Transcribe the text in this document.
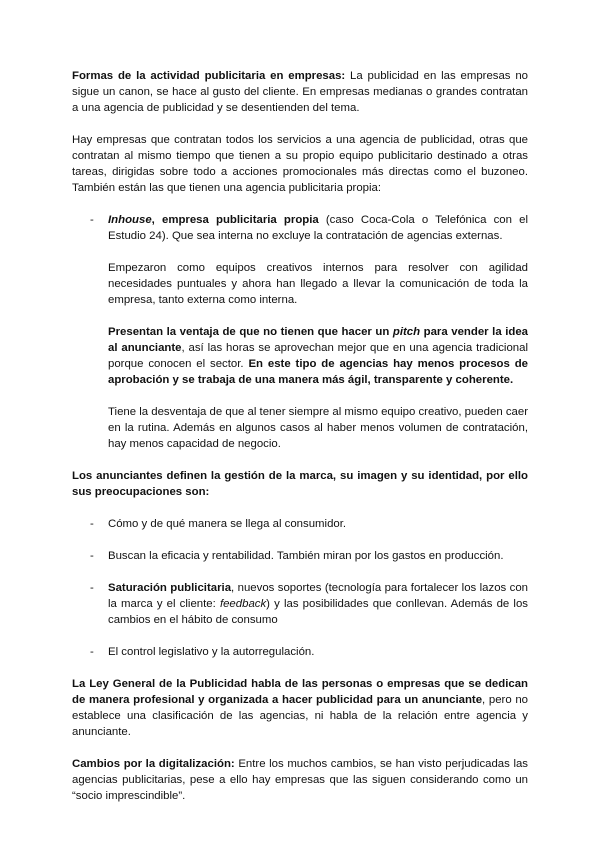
Formas de la actividad publicitaria en empresas: La publicidad en las empresas no sigue un canon, se hace al gusto del cliente. En empresas medianas o grandes contratan a una agencia de publicidad y se desentienden del tema.

Hay empresas que contratan todos los servicios a una agencia de publicidad, otras que contratan al mismo tiempo que tienen a su propio equipo publicitario destinado a otras tareas, dirigidas sobre todo a acciones promocionales más directas como el buzoneo. También están las que tienen una agencia publicitaria propia:

- Inhouse, empresa publicitaria propia (caso Coca-Cola o Telefónica con el Estudio 24). Que sea interna no excluye la contratación de agencias externas.

Empezaron como equipos creativos internos para resolver con agilidad necesidades puntuales y ahora han llegado a llevar la comunicación de toda la empresa, tanto externa como interna.

Presentan la ventaja de que no tienen que hacer un pitch para vender la idea al anunciante, así las horas se aprovechan mejor que en una agencia tradicional porque conocen el sector. En este tipo de agencias hay menos procesos de aprobación y se trabaja de una manera más ágil, transparente y coherente.

Tiene la desventaja de que al tener siempre al mismo equipo creativo, pueden caer en la rutina. Además en algunos casos al haber menos volumen de contratación, hay menos capacidad de negocio.

Los anunciantes definen la gestión de la marca, su imagen y su identidad, por ello sus preocupaciones son:

- Cómo y de qué manera se llega al consumidor.

- Buscan la eficacia y rentabilidad. También miran por los gastos en producción.

- Saturación publicitaria, nuevos soportes (tecnología para fortalecer los lazos con la marca y el cliente: feedback) y las posibilidades que conllevan. Además de los cambios en el hábito de consumo

- El control legislativo y la autorregulación.

La Ley General de la Publicidad habla de las personas o empresas que se dedican de manera profesional y organizada a hacer publicidad para un anunciante, pero no establece una clasificación de las agencias, ni habla de la relación entre agencia y anunciante.

Cambios por la digitalización: Entre los muchos cambios, se han visto perjudicadas las agencias publicitarias, pese a ello hay empresas que las siguen considerando como un “socio imprescindible”.
